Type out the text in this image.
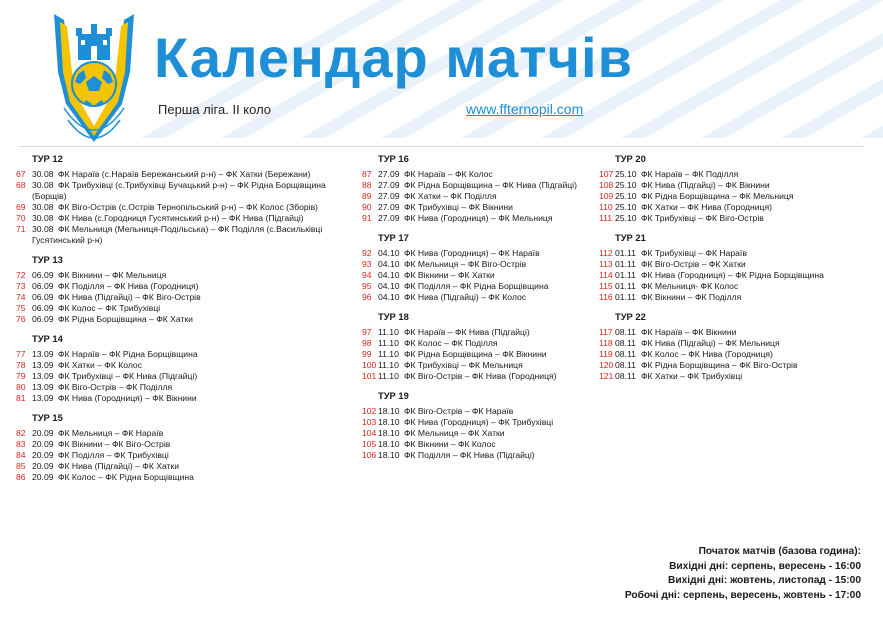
Календар матчів
Перша ліга. ІІ коло	www.ffternopil.com
ТУР 12
67 30.08 ФК Нараїв (с.Нараїв Бережанський р-н) – ФК Хатки (Бережани)
68 30.08 ФК Трибухівці (с.Трибухівці Бучацький р-н) – ФК Рідна Борщівщина
(Борщів)
69 30.08 ФК Віго-Острів (с.Острів Тернопільський р-н) – ФК Колос (Зборів)
70 30.08 ФК Нива (с.Городниця Гусятинський р-н) – ФК Нива (Підгайці)
71 30.08 ФК Мельниця (Мельниця-Подільська) – ФК Поділля (с.Васильківці
Гусятинський р-н)
ТУР 13
72 06.09 ФК Вікнини – ФК Мельниця
73 06.09 ФК Поділля – ФК Нива (Городниця)
74 06.09 ФК Нива (Підгайці) – ФК Віго-Острів
75 06.09 ФК Колос – ФК Трибухівці
76 06.09 ФК Рідна Борщівщина – ФК Хатки
ТУР 14
77 13.09 ФК Нараїв – ФК Рідна Борщівщина
78 13.09 ФК Хатки – ФК Колос
79 13.09 ФК Трибухівці – ФК Нива (Підгайці)
80 13.09 ФК Віго-Острів – ФК Поділля
81 13.09 ФК Нива (Городниця) – ФК Вікнини
ТУР 15
82 20.09 ФК Мельниця – ФК Нараїв
83 20.09 ФК Вікнини – ФК Віго-Острів
84 20.09 ФК Поділля – ФК Трибухівці
85 20.09 ФК Нива (Підгайці) – ФК Хатки
86 20.09 ФК Колос – ФК Рідна Борщівщина
ТУР 16
87 27.09 ФК Нараїв – ФК Колос
88 27.09 ФК Рідна Борщівщина – ФК Нива (Підгайці)
89 27.09 ФК Хатки – ФК Поділля
90 27.09 ФК Трибухівці – ФК Вікнини
91 27.09 ФК Нива (Городниця) – ФК Мельниця
ТУР 17
92 04.10 ФК Нива (Городниця) – ФК Нараїв
93 04.10 ФК Мельниця – ФК Віго-Острів
94 04.10 ФК Вікнини – ФК Хатки
95 04.10 ФК Поділля – ФК Рідна Борщівщина
96 04.10 ФК Нива (Підгайці) – ФК Колос
ТУР 18
97 11.10 ФК Нараїв – ФК Нива (Підгайці)
98 11.10 ФК Колос – ФК Поділля
99 11.10 ФК Рідна Борщівщина – ФК Вікнини
100 11.10 ФК Трибухівці – ФК Мельниця
101 11.10 ФК Віго-Острів – ФК Нива (Городниця)
ТУР 19
102 18.10 ФК Віго-Острів – ФК Нараїв
103 18.10 ФК Нива (Городниця) – ФК Трибухівці
104 18.10 ФК Мельниця – ФК Хатки
105 18.10 ФК Вікнини – ФК Колос
106 18.10 ФК Поділля – ФК Нива (Підгайці)
ТУР 20
107 25.10 ФК Нараїв – ФК Поділля
108 25.10 ФК Нива (Підгайці) – ФК Вікнини
109 25.10 ФК Рідна Борщівщина – ФК Мельниця
110 25.10 ФК Хатки – ФК Нива (Городниця)
111 25.10 ФК Трибухівці – ФК Віго-Острів
ТУР 21
112 01.11 ФК Трибухівці – ФК Нараїв
113 01.11 ФК Віго-Острів – ФК Хатки
114 01.11 ФК Нива (Городниця) – ФК Рідна Борщівщина
115 01.11 ФК Мельниця- ФК Колос
116 01.11 ФК Вікнини – ФК Поділля
ТУР 22
117 08.11 ФК Нараїв – ФК Вікнини
118 08.11 ФК Нива (Підгайці) – ФК Мельниця
119 08.11 ФК Колос – ФК Нива (Городниця)
120 08.11 ФК Рідна Борщівщина – ФК Віго-Острів
121 08.11 ФК Хатки – ФК Трибухівці
Початок матчів (базова година):
Вихідні дні: серпень, вересень - 16:00
Вихідні дні: жовтень, листопад - 15:00
Робочі дні: серпень, вересень, жовтень - 17:00
